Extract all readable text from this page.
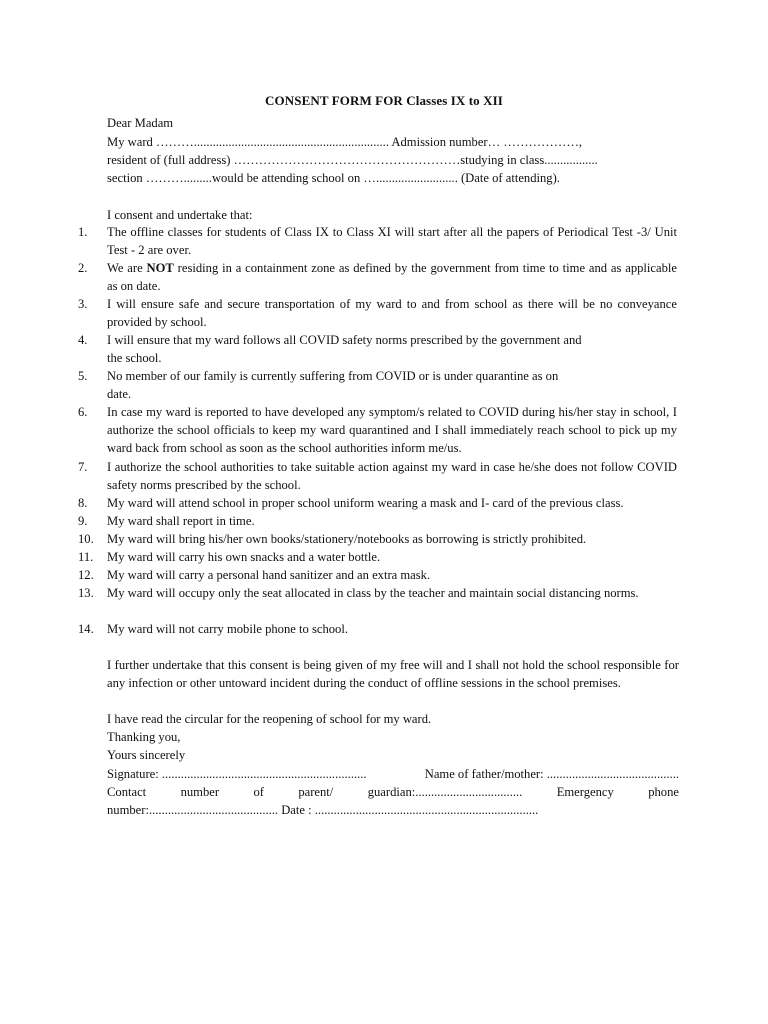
CONSENT FORM FOR Classes IX to XII
Dear Madam
My ward ……….............................................................. Admission number… ………………,
resident of (full address) ………………………………………………studying in class.................
section ……….........would be attending school on ….......................... (Date of attending).
I consent and undertake that:
1.	The offline classes for students of Class IX to Class XI will start after all the papers of Periodical Test -3/ Unit Test - 2 are over.
2.	We are NOT residing in a containment zone as defined by the government from time to time and as applicable as on date.
3.	I will ensure safe and secure transportation of my ward to and from school as there will be no conveyance provided by school.
4.	I will ensure that my ward follows all COVID safety norms prescribed by the government and
the school.
5.	No member of our family is currently suffering from COVID or is under quarantine as on
date.
6.	In case my ward is reported to have developed any symptom/s related to COVID during his/her stay in school, I authorize the school officials to keep my ward quarantined and I shall immediately reach school to pick up my ward back from school as soon as the school authorities inform me/us.
7.	I authorize the school authorities to take suitable action against my ward in case he/she does not follow COVID safety norms prescribed by the school.
8.	My ward will attend school in proper school uniform wearing a mask and I- card of the previous class.
9.	My ward shall report in time.
10.	My ward will bring his/her own books/stationery/notebooks as borrowing is strictly prohibited.
11.	My ward will carry his own snacks and a water bottle.
12.	My ward will carry a personal hand sanitizer and an extra mask.
13.	My ward will occupy only the seat allocated in class by the teacher and maintain social distancing norms.
14.	My ward will not carry mobile phone to school.
I further undertake that this consent is being given of my free will and I shall not hold the school responsible for any infection or other untoward incident during the conduct of offline sessions in the school premises.
I have read the circular for the reopening of school for my ward.
Thanking you,
Yours sincerely
Signature: .................................................................	Name of father/mother: ..........................................
Contact	number	of	parent/	guardian:..................................	Emergency	phone
number:......................................... Date : .......................................................................
